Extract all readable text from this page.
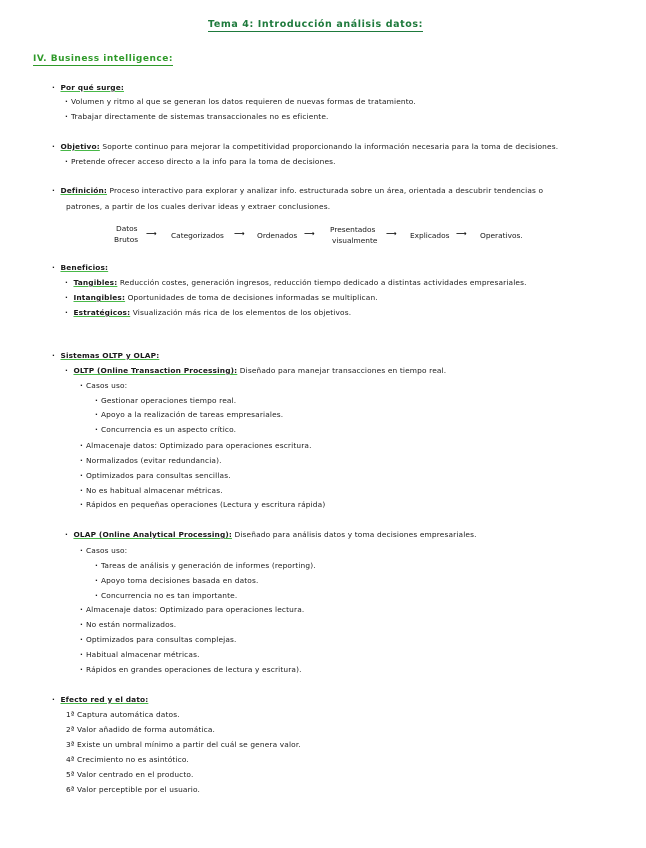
Tema 4: Introducción análisis datos:
IV. Business intelligence:
· Por qué surge:
· Volumen y ritmo al que se generan los datos requieren de nuevas formas de tratamiento.
· Trabajar directamente de sistemas transaccionales no es eficiente.
· Objetivo: Soporte continuo para mejorar la competitividad proporcionando la información necesaria para la toma de decisiones.
· Pretende ofrecer acceso directo a la info para la toma de decisiones.
· Definición: Proceso interactivo para explorar y analizar info. estructurada sobre un área, orientada a descubrir tendencias o
patrones, a partir de los cuales derivar ideas y extraer conclusiones.
Datos
Brutos
⟶ Categorizados ⟶ Ordenados ⟶ Presentados
visualmente
⟶ Explicados ⟶ Operativos.
· Beneficios:
· Tangibles: Reducción costes, generación ingresos, reducción tiempo dedicado a distintas actividades empresariales.
· Intangibles: Oportunidades de toma de decisiones informadas se multiplican.
· Estratégicos: Visualización más rica de los elementos de los objetivos.
· Sistemas OLTP y OLAP:
· OLTP (Online Transaction Processing): Diseñado para manejar transacciones en tiempo real.
· Casos uso:
· Gestionar operaciones tiempo real.
· Apoyo a la realización de tareas empresariales.
· Concurrencia es un aspecto crítico.
· Almacenaje datos: Optimizado para operaciones escritura.
· Normalizados (evitar redundancia).
· Optimizados para consultas sencillas.
· No es habitual almacenar métricas.
· Rápidos en pequeñas operaciones (Lectura y escritura rápida)
· OLAP (Online Analytical Processing): Diseñado para análisis datos y toma decisiones empresariales.
· Casos uso:
· Tareas de análisis y generación de informes (reporting).
· Apoyo toma decisiones basada en datos.
· Concurrencia no es tan importante.
· Almacenaje datos: Optimizado para operaciones lectura.
· No están normalizados.
· Optimizados para consultas complejas.
· Habitual almacenar métricas.
· Rápidos en grandes operaciones de lectura y escritura).
· Efecto red y el dato:
1ª Captura automática datos.
2ª Valor añadido de forma automática.
3ª Existe un umbral mínimo a partir del cuál se genera valor.
4ª Crecimiento no es asintótico.
5ª Valor centrado en el producto.
6ª Valor perceptible por el usuario.
